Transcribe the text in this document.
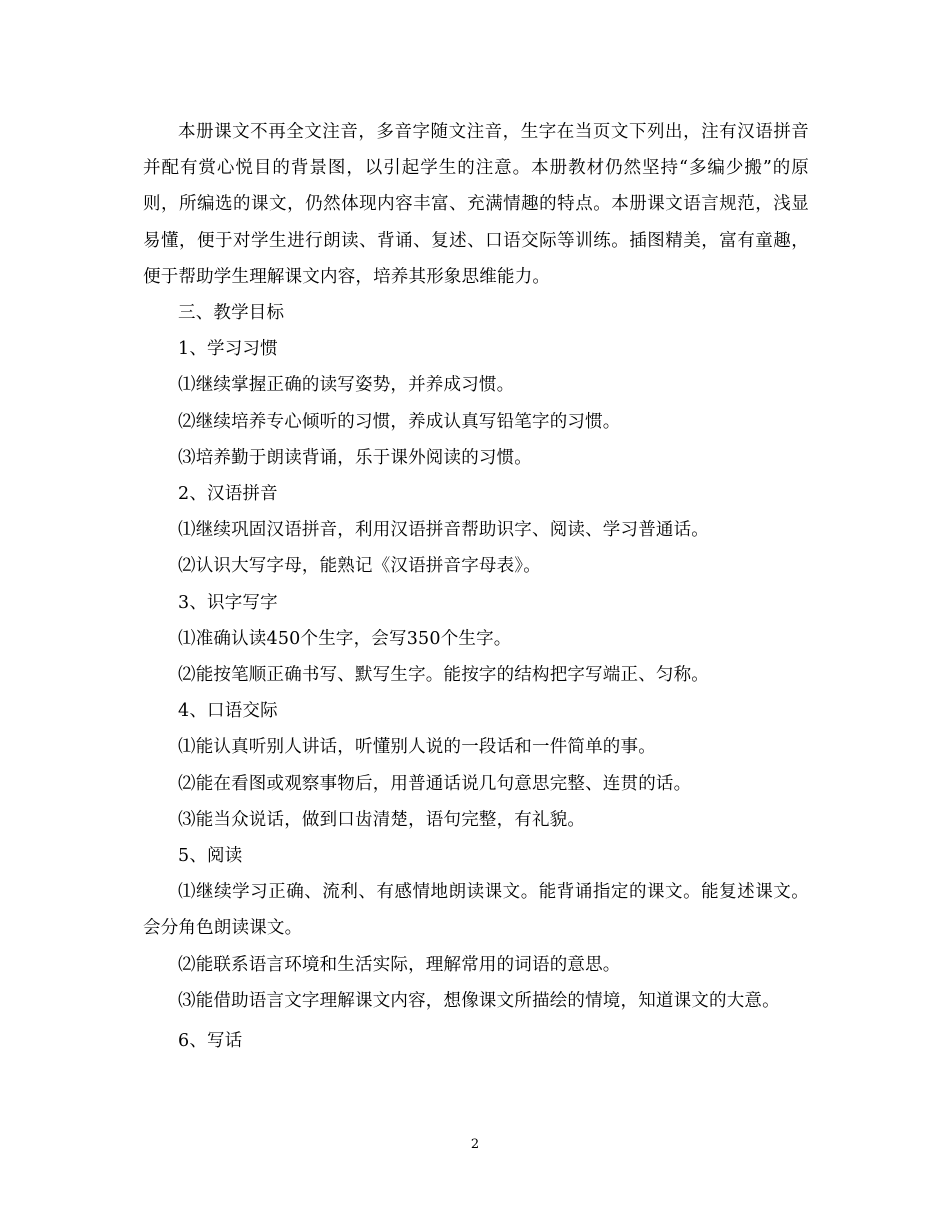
本册课文不再全文注音，多音字随文注音，生字在当页文下列出，注有汉语拼音并配有赏心悦目的背景图，以引起学生的注意。本册教材仍然坚持“多编少搬”的原则，所编选的课文，仍然体现内容丰富、充满情趣的特点。本册课文语言规范，浅显易懂，便于对学生进行朗读、背诵、复述、口语交际等训练。插图精美，富有童趣，便于帮助学生理解课文内容，培养其形象思维能力。

三、教学目标

1、学习习惯

⑴继续掌握正确的读写姿势，并养成习惯。

⑵继续培养专心倾听的习惯，养成认真写铅笔字的习惯。

⑶培养勤于朗读背诵，乐于课外阅读的习惯。

2、汉语拼音

⑴继续巩固汉语拼音，利用汉语拼音帮助识字、阅读、学习普通话。

⑵认识大写字母，能熟记《汉语拼音字母表》。

3、识字写字

⑴准确认读450个生字，会写350个生字。

⑵能按笔顺正确书写、默写生字。能按字的结构把字写端正、匀称。

4、口语交际

⑴能认真听别人讲话，听懂别人说的一段话和一件简单的事。

⑵能在看图或观察事物后，用普通话说几句意思完整、连贯的话。

⑶能当众说话，做到口齿清楚，语句完整，有礼貌。

5、阅读

⑴继续学习正确、流利、有感情地朗读课文。能背诵指定的课文。能复述课文。会分角色朗读课文。

⑵能联系语言环境和生活实际，理解常用的词语的意思。

⑶能借助语言文字理解课文内容，想像课文所描绘的情境，知道课文的大意。

6、写话

2
